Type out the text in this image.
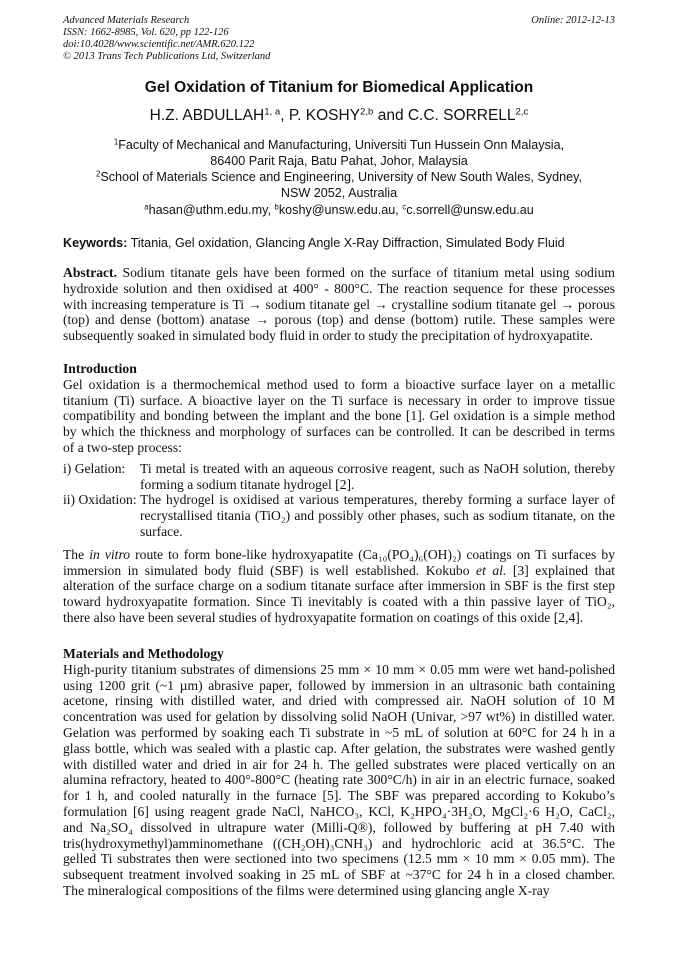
Advanced Materials Research
ISSN: 1662-8985, Vol. 620, pp 122-126
doi:10.4028/www.scientific.net/AMR.620.122
© 2013 Trans Tech Publications Ltd, Switzerland
Online: 2012-12-13
Gel Oxidation of Titanium for Biomedical Application
H.Z. ABDULLAH$^{1, a}$, P. KOSHY$^{2,b}$ and C.C. SORRELL$^{2,c}$
$^1$Faculty of Mechanical and Manufacturing, Universiti Tun Hussein Onn Malaysia,
86400 Parit Raja, Batu Pahat, Johor, Malaysia
$^2$School of Materials Science and Engineering, University of New South Wales, Sydney,
NSW 2052, Australia
$^a$hasan@uthm.edu.my, $^b$koshy@unsw.edu.au, $^c$c.sorrell@unsw.edu.au
Keywords: Titania, Gel oxidation, Glancing Angle X-Ray Diffraction, Simulated Body Fluid
Abstract. Sodium titanate gels have been formed on the surface of titanium metal using sodium
hydroxide solution and then oxidised at 400° - 800°C. The reaction sequence for these processes
with increasing temperature is Ti → sodium titanate gel → crystalline sodium titanate gel → porous
(top) and dense (bottom) anatase → porous (top) and dense (bottom) rutile. These samples were
subsequently soaked in simulated body fluid in order to study the precipitation of hydroxyapatite.
Introduction
Gel oxidation is a thermochemical method used to form a bioactive surface layer on a metallic
titanium (Ti) surface. A bioactive layer on the Ti surface is necessary in order to improve tissue
compatibility and bonding between the implant and the bone [1]. Gel oxidation is a simple method
by which the thickness and morphology of surfaces can be controlled. It can be described in terms
of a two-step process:
i) Gelation: Ti metal is treated with an aqueous corrosive reagent, such as NaOH solution, thereby
forming a sodium titanate hydrogel [2].
ii) Oxidation: The hydrogel is oxidised at various temperatures, thereby forming a surface layer of
recrystallised titania (TiO₂) and possibly other phases, such as sodium titanate, on the
surface.
The in vitro route to form bone-like hydroxyapatite (Ca₁₀(PO₄)₆(OH)₂) coatings on Ti surfaces by
immersion in simulated body fluid (SBF) is well established. Kokubo et al. [3] explained that
alteration of the surface charge on a sodium titanate surface after immersion in SBF is the first step
toward hydroxyapatite formation. Since Ti inevitably is coated with a thin passive layer of TiO₂,
there also have been several studies of hydroxyapatite formation on coatings of this oxide [2,4].
Materials and Methodology
High-purity titanium substrates of dimensions 25 mm × 10 mm × 0.05 mm were wet hand-polished
using 1200 grit (~1 µm) abrasive paper, followed by immersion in an ultrasonic bath containing
acetone, rinsing with distilled water, and dried with compressed air. NaOH solution of 10 M
concentration was used for gelation by dissolving solid NaOH (Univar, >97 wt%) in distilled water.
Gelation was performed by soaking each Ti substrate in ~5 mL of solution at 60°C for 24 h in a
glass bottle, which was sealed with a plastic cap. After gelation, the substrates were washed gently
with distilled water and dried in air for 24 h. The gelled substrates were placed vertically on an
alumina refractory, heated to 400°-800°C (heating rate 300°C/h) in air in an electric furnace, soaked
for 1 h, and cooled naturally in the furnace [5]. The SBF was prepared according to Kokubo’s
formulation [6] using reagent grade NaCl, NaHCO₃, KCl, K₂HPO₄·3H₂O, MgCl₂·6 H₂O, CaCl₂,
and Na₂SO₄ dissolved in ultrapure water (Milli-Q®), followed by buffering at pH 7.40 with
tris(hydroxymethyl)amminomethane ((CH₂OH)₃CNH₃) and hydrochloric acid at 36.5°C. The
gelled Ti substrates then were sectioned into two specimens (12.5 mm × 10 mm × 0.05 mm). The
subsequent treatment involved soaking in 25 mL of SBF at ~37°C for 24 h in a closed chamber.
The mineralogical compositions of the films were determined using glancing angle X-ray
